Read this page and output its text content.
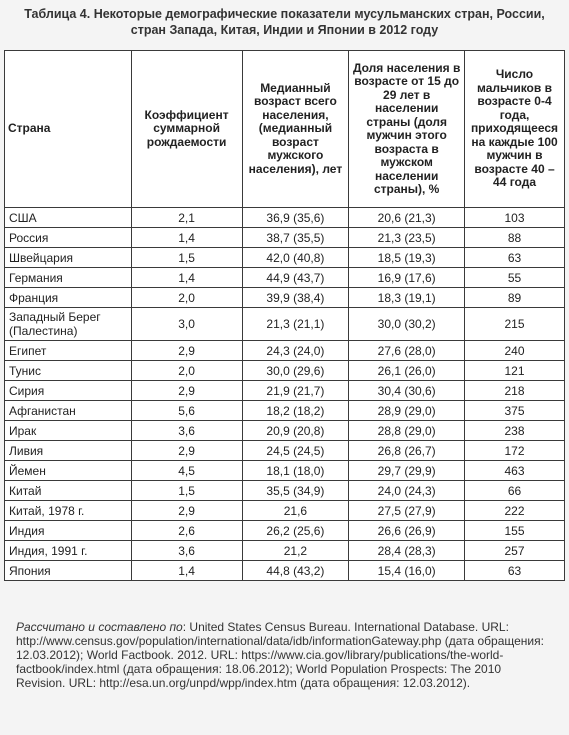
Таблица 4. Некоторые демографические показатели мусульманских стран, России,
стран Запада, Китая, Индии и Японии в 2012 году
Страна	Коэффициент суммарной рождаемости	Медианный возраст всего населения, (медианный возраст мужского населения), лет	Доля населения в возрасте от 15 до 29 лет в населении страны (доля мужчин этого возраста в мужском населении страны), %	Число мальчиков в возрасте 0-4 года, приходящееся на каждые 100 мужчин в возрасте 40 – 44 года
США	2,1	36,9 (35,6)	20,6 (21,3)	103
Россия	1,4	38,7 (35,5)	21,3 (23,5)	88
Швейцария	1,5	42,0 (40,8)	18,5 (19,3)	63
Германия	1,4	44,9 (43,7)	16,9 (17,6)	55
Франция	2,0	39,9 (38,4)	18,3 (19,1)	89
Западный Берег (Палестина)	3,0	21,3 (21,1)	30,0 (30,2)	215
Египет	2,9	24,3 (24,0)	27,6 (28,0)	240
Тунис	2,0	30,0 (29,6)	26,1 (26,0)	121
Сирия	2,9	21,9 (21,7)	30,4 (30,6)	218
Афганистан	5,6	18,2 (18,2)	28,9 (29,0)	375
Ирак	3,6	20,9 (20,8)	28,8 (29,0)	238
Ливия	2,9	24,5 (24,5)	26,8 (26,7)	172
Йемен	4,5	18,1 (18,0)	29,7 (29,9)	463
Китай	1,5	35,5 (34,9)	24,0 (24,3)	66
Китай, 1978 г.	2,9	21,6	27,5 (27,9)	222
Индия	2,6	26,2 (25,6)	26,6 (26,9)	155
Индия, 1991 г.	3,6	21,2	28,4 (28,3)	257
Япония	1,4	44,8 (43,2)	15,4 (16,0)	63
Рассчитано и составлено по: United States Census Bureau. International Database. URL: http://www.census.gov/population/international/data/idb/informationGateway.php (дата обращения: 12.03.2012); World Factbook. 2012. URL: https://www.cia.gov/library/publications/the-world-factbook/index.html (дата обращения: 18.06.2012); World Population Prospects: The 2010 Revision. URL: http://esa.un.org/unpd/wpp/index.htm (дата обращения: 12.03.2012).
